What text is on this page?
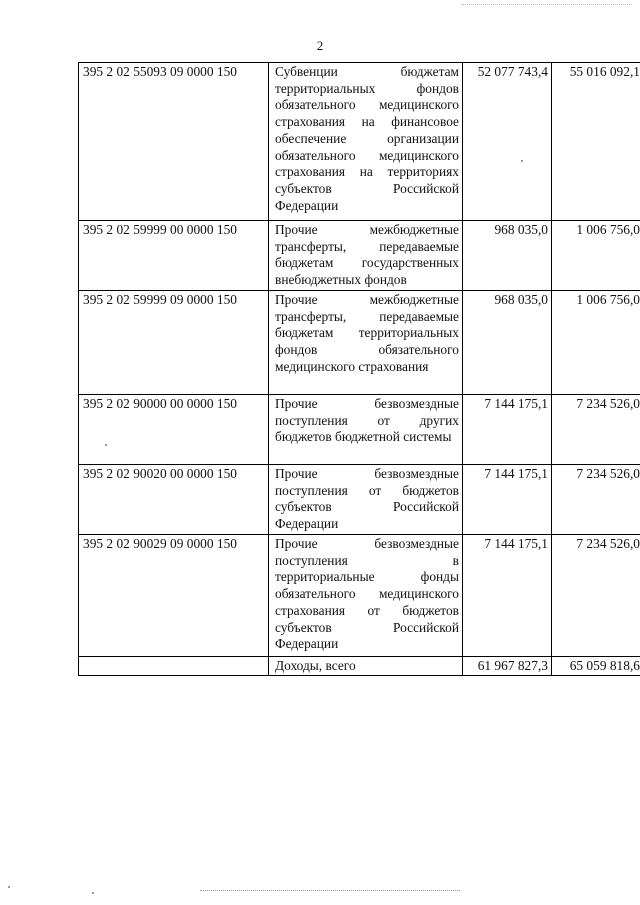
2
395 2 02 55093 09 0000 150	Субвенции бюджетам территориальных фондов обязательного медицинского страхования на финансовое обеспечение организации обязательного медицинского страхования на территориях субъектов Российской Федерации	52 077 743,4	55 016 092,1
395 2 02 59999 00 0000 150	Прочие межбюджетные трансферты, передаваемые бюджетам государственных внебюджетных фондов	968 035,0	1 006 756,0
395 2 02 59999 09 0000 150	Прочие межбюджетные трансферты, передаваемые бюджетам территориальных фондов обязательного медицинского страхования	968 035,0	1 006 756,0
395 2 02 90000 00 0000 150	Прочие безвозмездные поступления от других бюджетов бюджетной системы	7 144 175,1	7 234 526,0
395 2 02 90020 00 0000 150	Прочие безвозмездные поступления от бюджетов субъектов Российской Федерации	7 144 175,1	7 234 526,0
395 2 02 90029 09 0000 150	Прочие безвозмездные поступления в территориальные фонды обязательного медицинского страхования от бюджетов субъектов Российской Федерации	7 144 175,1	7 234 526,0
	Доходы, всего	61 967 827,3	65 059 818,6
